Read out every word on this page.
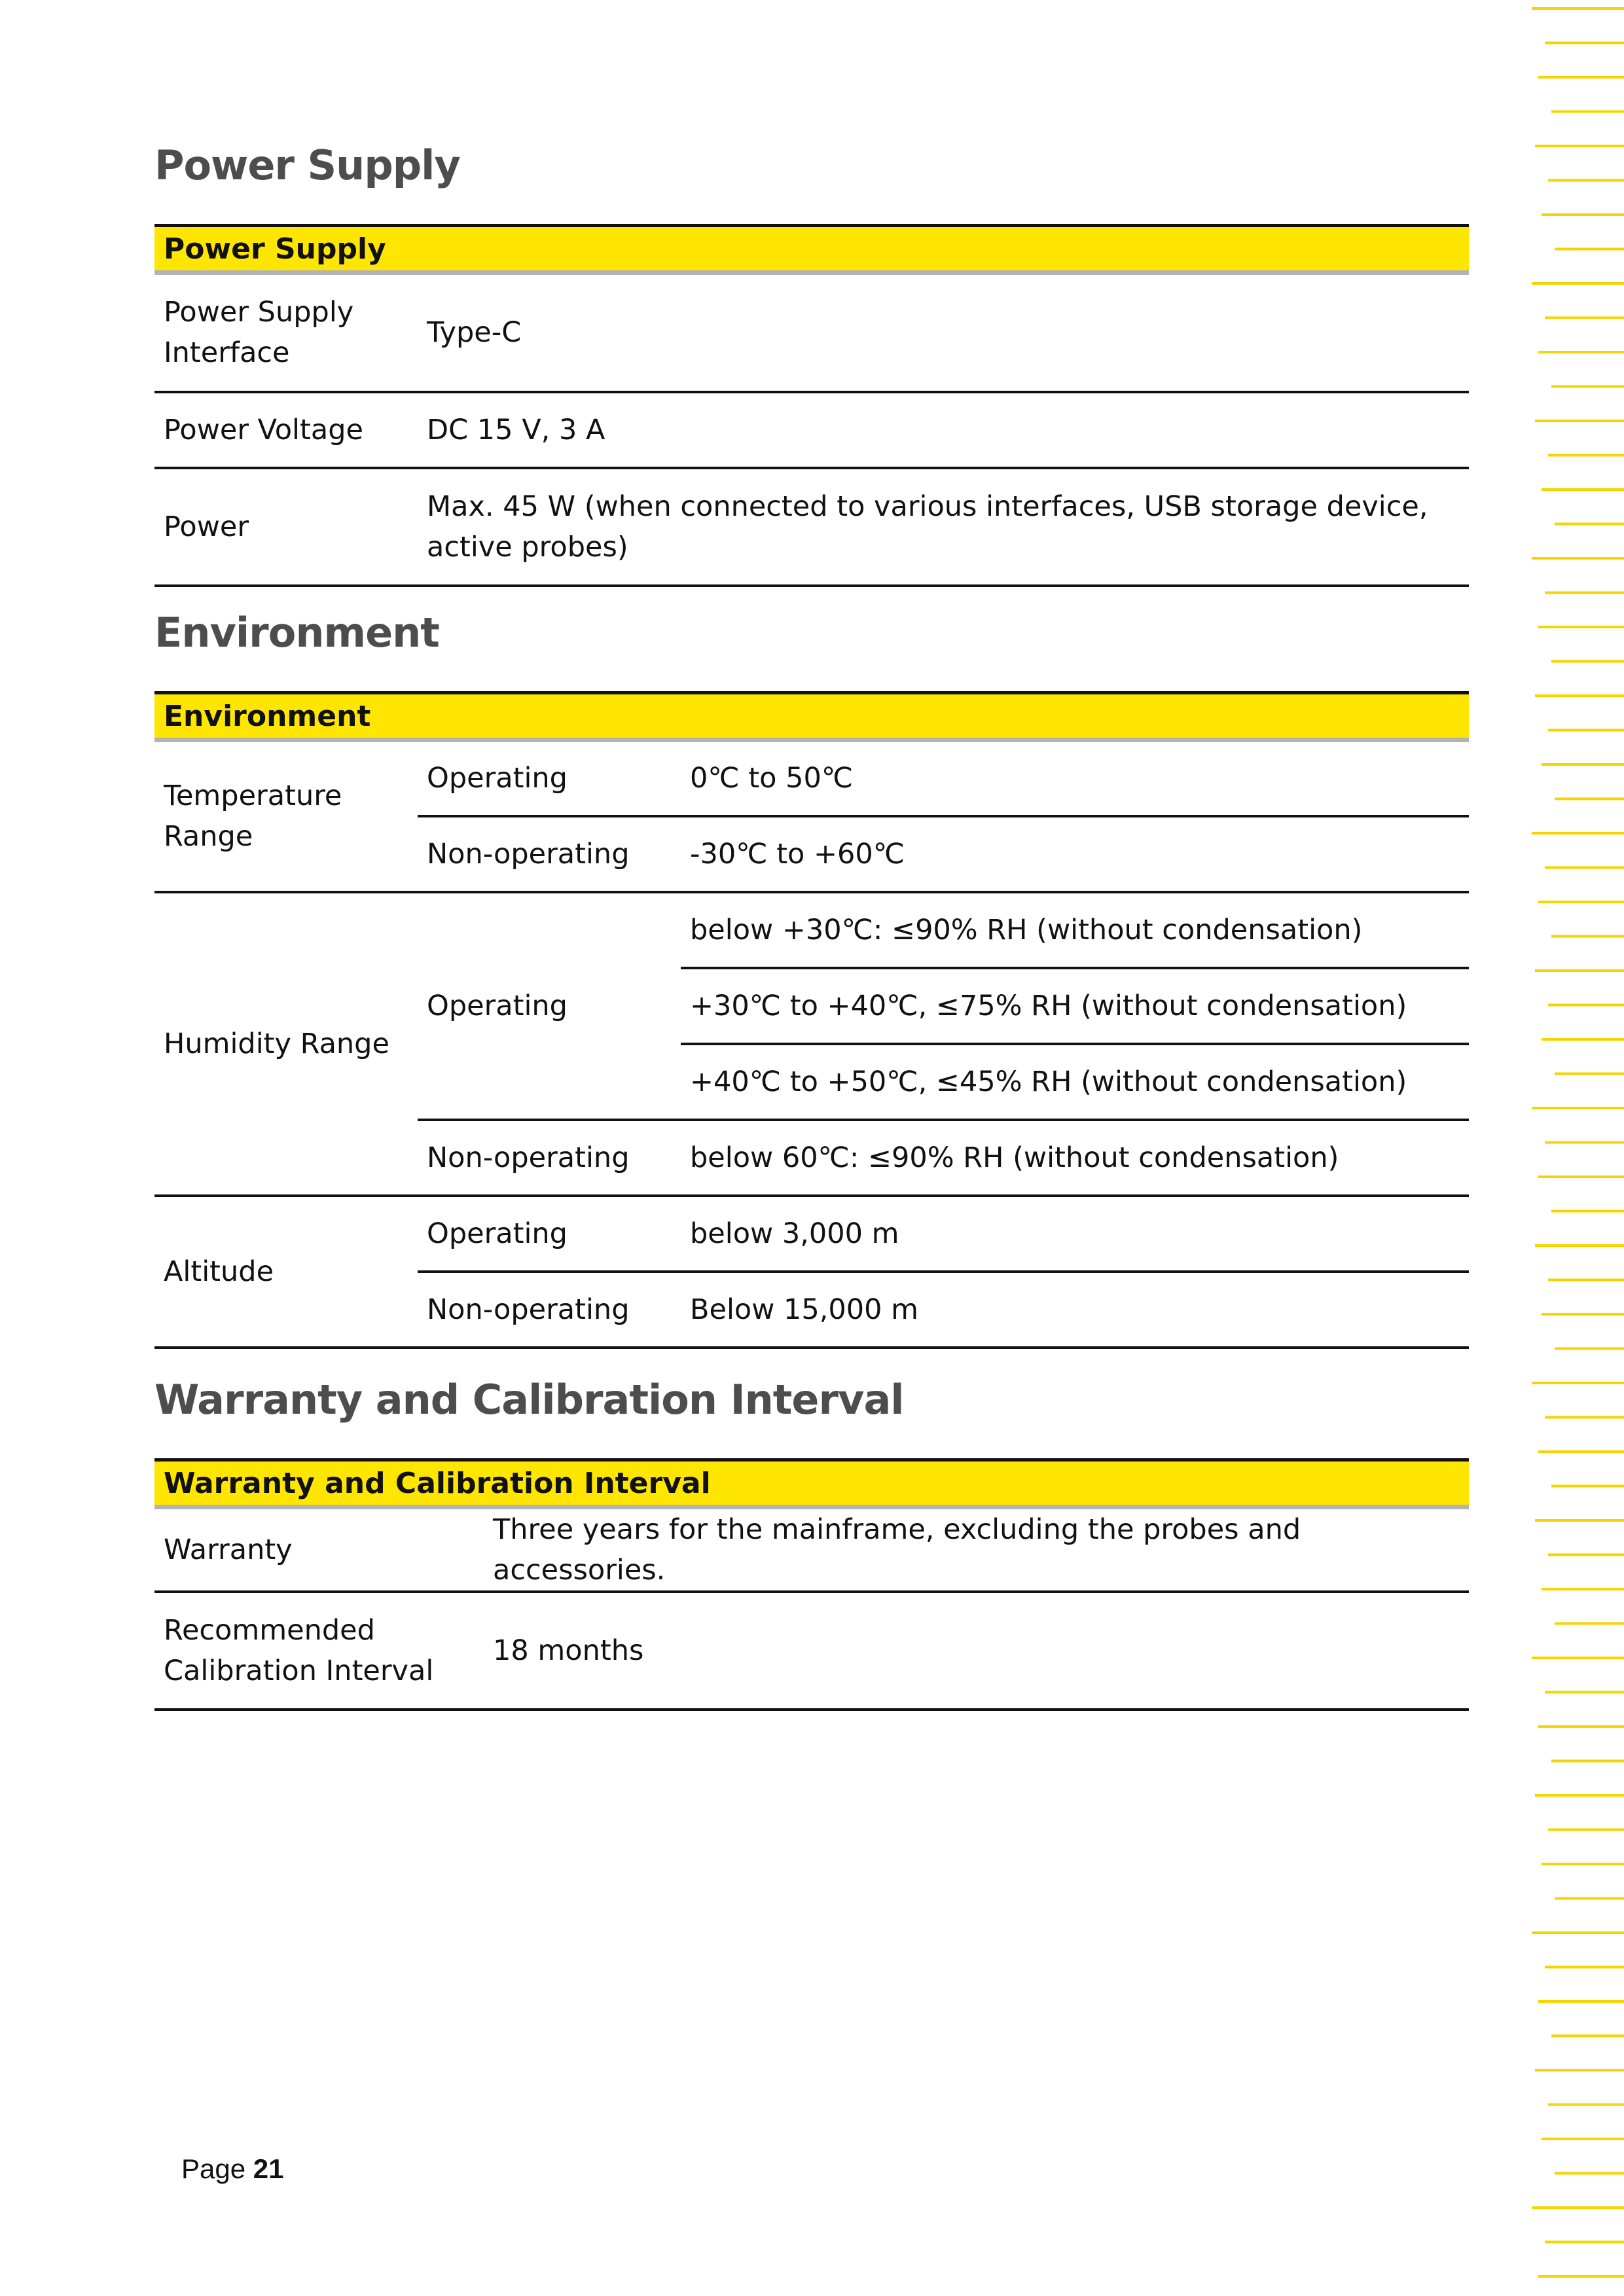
Power Supply
Power Supply	
Power Supply Interface	Type-C
Power Voltage	DC 15 V, 3 A
Power	Max. 45 W (when connected to various interfaces, USB storage device, active probes)
Environment
Environment		
Temperature Range	Operating	0℃ to 50℃
	Non-operating	-30℃ to +60℃
Humidity Range	Operating	below +30℃: ≤90% RH (without condensation)
		+30℃ to +40℃, ≤75% RH (without condensation)
		+40℃ to +50℃, ≤45% RH (without condensation)
	Non-operating	below 60℃: ≤90% RH (without condensation)
Altitude	Operating	below 3,000 m
	Non-operating	Below 15,000 m
Warranty and Calibration Interval
Warranty and Calibration Interval	
Warranty	Three years for the mainframe, excluding the probes and accessories.
Recommended Calibration Interval	18 months
Page 21
